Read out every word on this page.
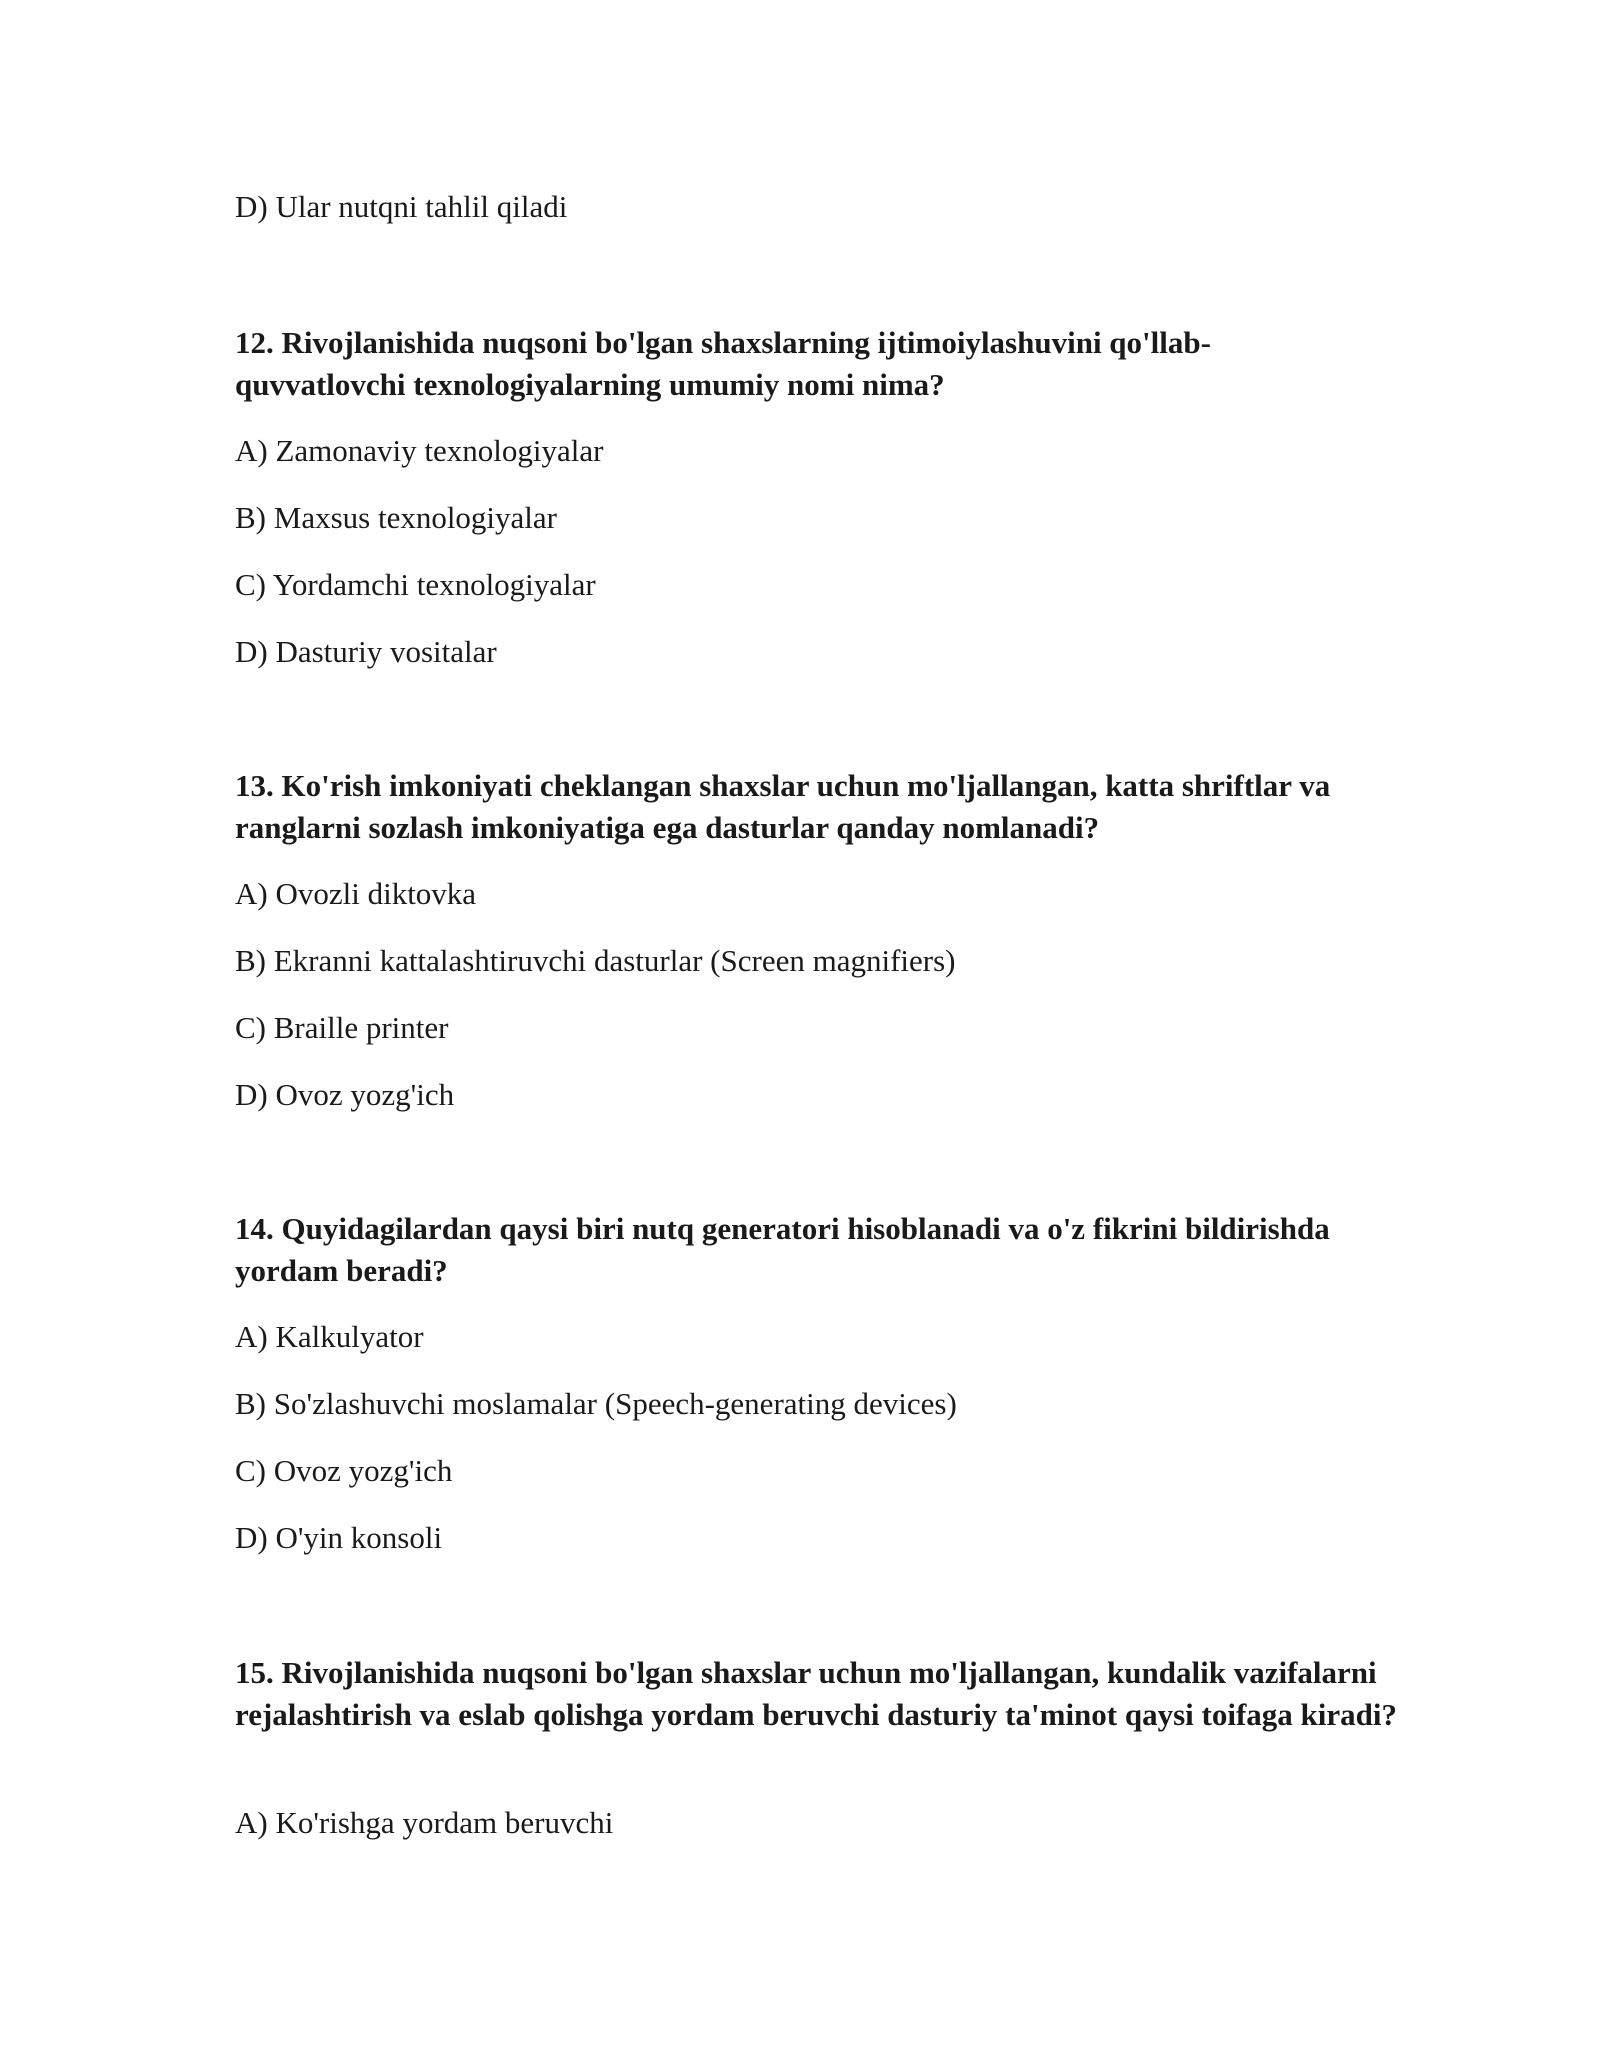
D) Ular nutqni tahlil qiladi

12. Rivojlanishida nuqsoni bo'lgan shaxslarning ijtimoiylashuvini qo'llab-quvvatlovchi texnologiyalarning umumiy nomi nima?

A) Zamonaviy texnologiyalar

B) Maxsus texnologiyalar

C) Yordamchi texnologiyalar

D) Dasturiy vositalar

13. Ko'rish imkoniyati cheklangan shaxslar uchun mo'ljallangan, katta shriftlar va ranglarni sozlash imkoniyatiga ega dasturlar qanday nomlanadi?

A) Ovozli diktovka

B) Ekranni kattalashtiruvchi dasturlar (Screen magnifiers)

C) Braille printer

D) Ovoz yozg'ich

14. Quyidagilardan qaysi biri nutq generatori hisoblanadi va o'z fikrini bildirishda yordam beradi?

A) Kalkulyator

B) So'zlashuvchi moslamalar (Speech-generating devices)

C) Ovoz yozg'ich

D) O'yin konsoli

15. Rivojlanishida nuqsoni bo'lgan shaxslar uchun mo'ljallangan, kundalik vazifalarni rejalashtirish va eslab qolishga yordam beruvchi dasturiy ta'minot qaysi toifaga kiradi?

A) Ko'rishga yordam beruvchi
